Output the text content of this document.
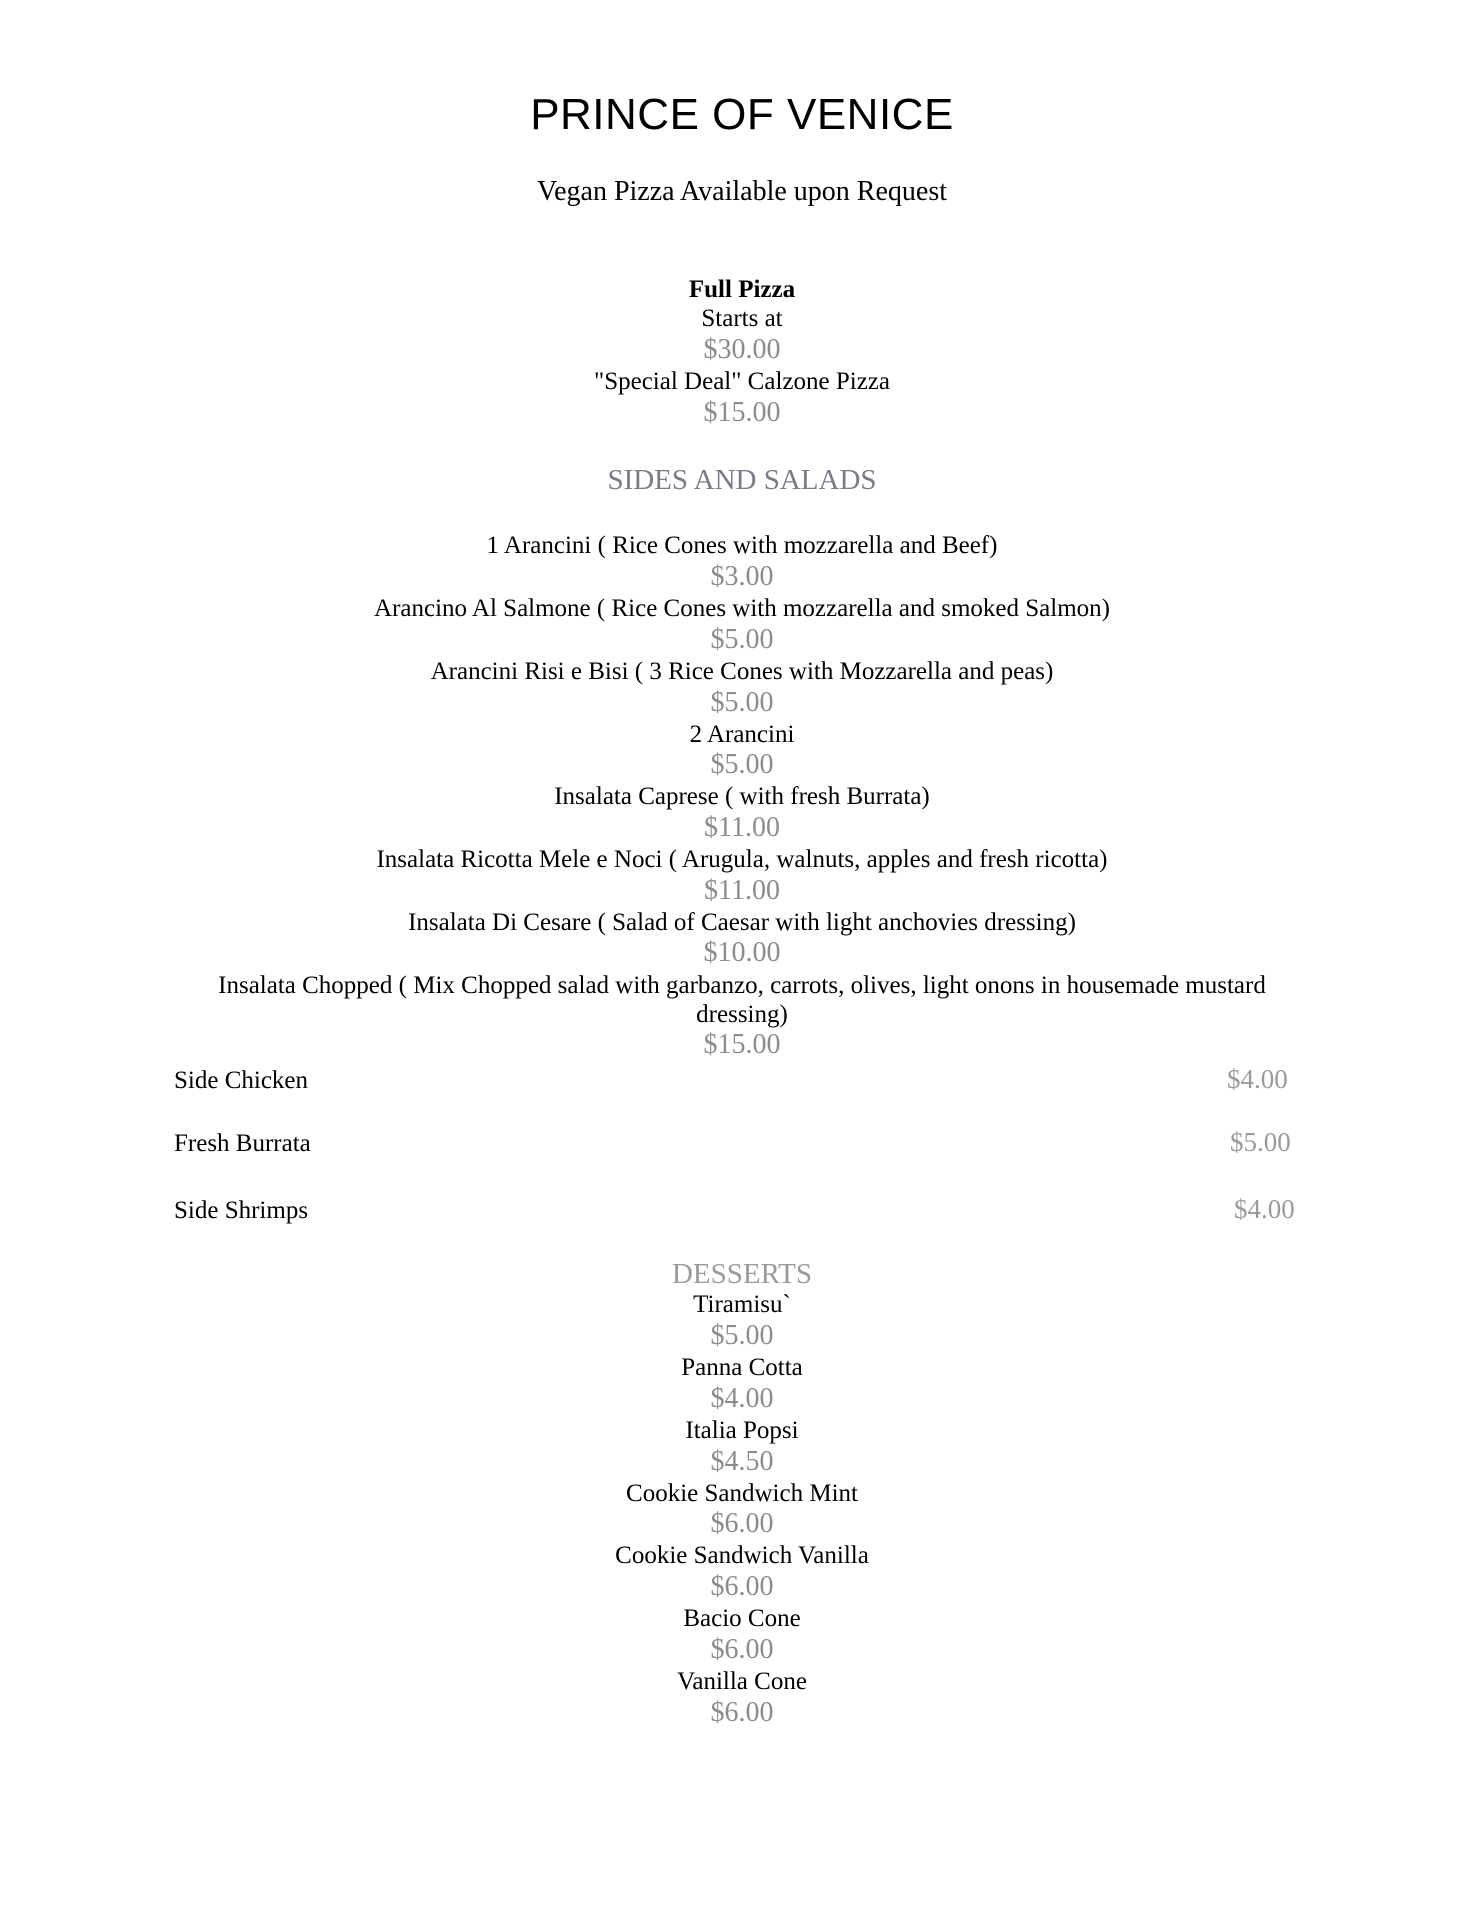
PRINCE OF VENICE
Vegan Pizza Available upon Request
Full Pizza
Starts at
$30.00
"Special Deal" Calzone Pizza
$15.00
SIDES AND SALADS
1 Arancini ( Rice Cones with mozzarella and Beef)
$3.00
Arancino Al Salmone ( Rice Cones with mozzarella and smoked Salmon)
$5.00
Arancini Risi e Bisi ( 3 Rice Cones with Mozzarella and peas)
$5.00
2 Arancini
$5.00
Insalata Caprese ( with fresh Burrata)
$11.00
Insalata Ricotta Mele e Noci ( Arugula, walnuts, apples and fresh ricotta)
$11.00
Insalata Di Cesare ( Salad of Caesar with light anchovies dressing)
$10.00
Insalata Chopped ( Mix Chopped salad with garbanzo, carrots, olives, light onons in housemade mustard dressing)
$15.00
Side Chicken	$4.00
Fresh Burrata	$5.00
Side Shrimps	$4.00
DESSERTS
Tiramisu`
$5.00
Panna Cotta
$4.00
Italia Popsi
$4.50
Cookie Sandwich Mint
$6.00
Cookie Sandwich Vanilla
$6.00
Bacio Cone
$6.00
Vanilla Cone
$6.00
